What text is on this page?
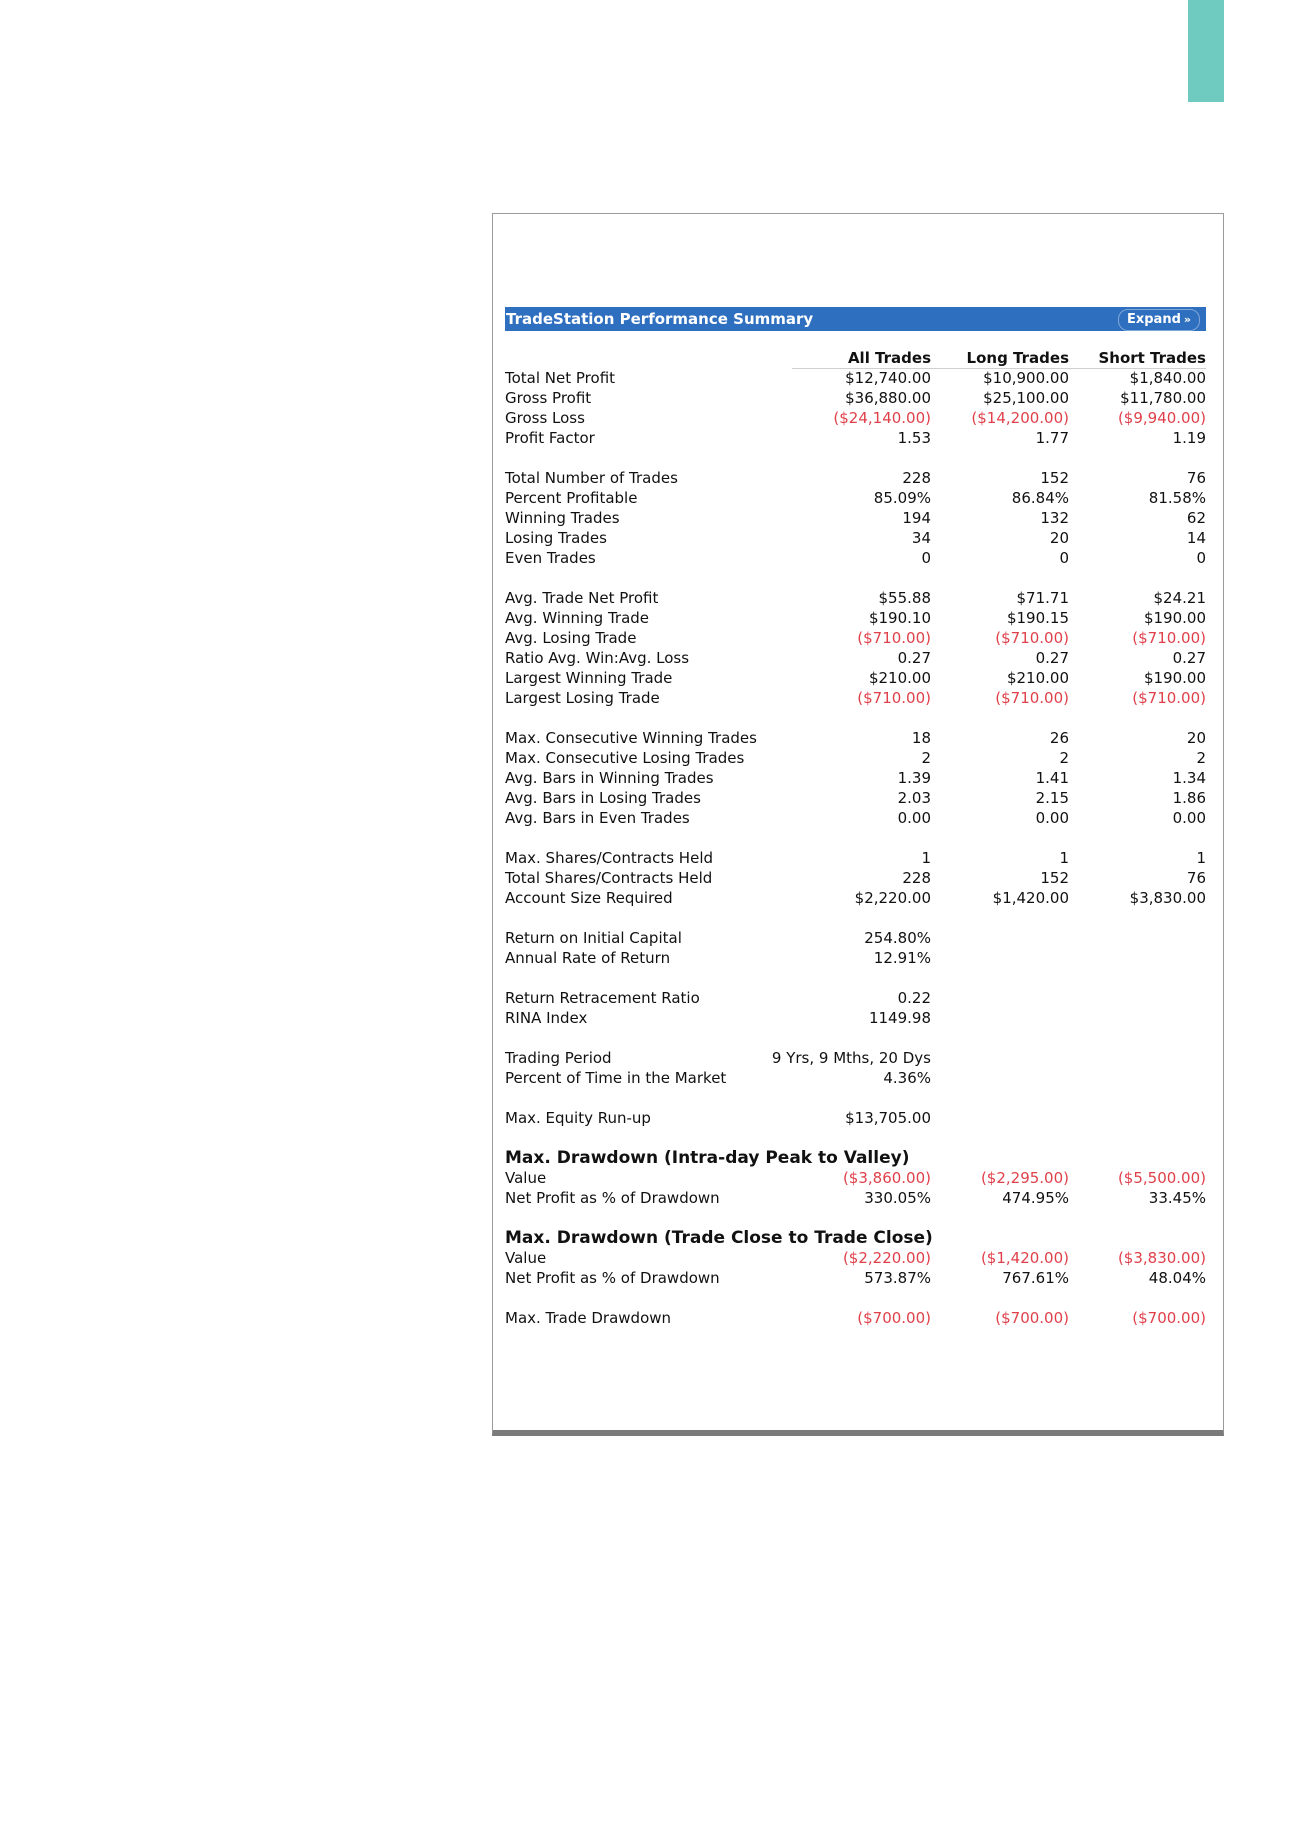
TradeStation Performance Summary	Expand »
All Trades Long Trades Short Trades
Total Net Profit	$12,740.00	$10,900.00	$1,840.00
Gross Profit	$36,880.00	$25,100.00	$11,780.00
Gross Loss	($24,140.00)	($14,200.00)	($9,940.00)
Profit Factor	1.53	1.77	1.19
Total Number of Trades	228	152	76
Percent Profitable	85.09%	86.84%	81.58%
Winning Trades	194	132	62
Losing Trades	34	20	14
Even Trades	0	0	0
Avg. Trade Net Profit	$55.88	$71.71	$24.21
Avg. Winning Trade	$190.10	$190.15	$190.00
Avg. Losing Trade	($710.00)	($710.00)	($710.00)
Ratio Avg. Win:Avg. Loss	0.27	0.27	0.27
Largest Winning Trade	$210.00	$210.00	$190.00
Largest Losing Trade	($710.00)	($710.00)	($710.00)
Max. Consecutive Winning Trades	18	26	20
Max. Consecutive Losing Trades	2	2	2
Avg. Bars in Winning Trades	1.39	1.41	1.34
Avg. Bars in Losing Trades	2.03	2.15	1.86
Avg. Bars in Even Trades	0.00	0.00	0.00
Max. Shares/Contracts Held	1	1	1
Total Shares/Contracts Held	228	152	76
Account Size Required	$2,220.00	$1,420.00	$3,830.00
Return on Initial Capital	254.80%
Annual Rate of Return	12.91%
Return Retracement Ratio	0.22
RINA Index	1149.98
Trading Period	9 Yrs, 9 Mths, 20 Dys
Percent of Time in the Market	4.36%
Max. Equity Run-up	$13,705.00
Max. Drawdown (Intra-day Peak to Valley)
Value	($3,860.00)	($2,295.00)	($5,500.00)
Net Profit as % of Drawdown	330.05%	474.95%	33.45%
Max. Drawdown (Trade Close to Trade Close)
Value	($2,220.00)	($1,420.00)	($3,830.00)
Net Profit as % of Drawdown	573.87%	767.61%	48.04%
Max. Trade Drawdown	($700.00)	($700.00)	($700.00)
